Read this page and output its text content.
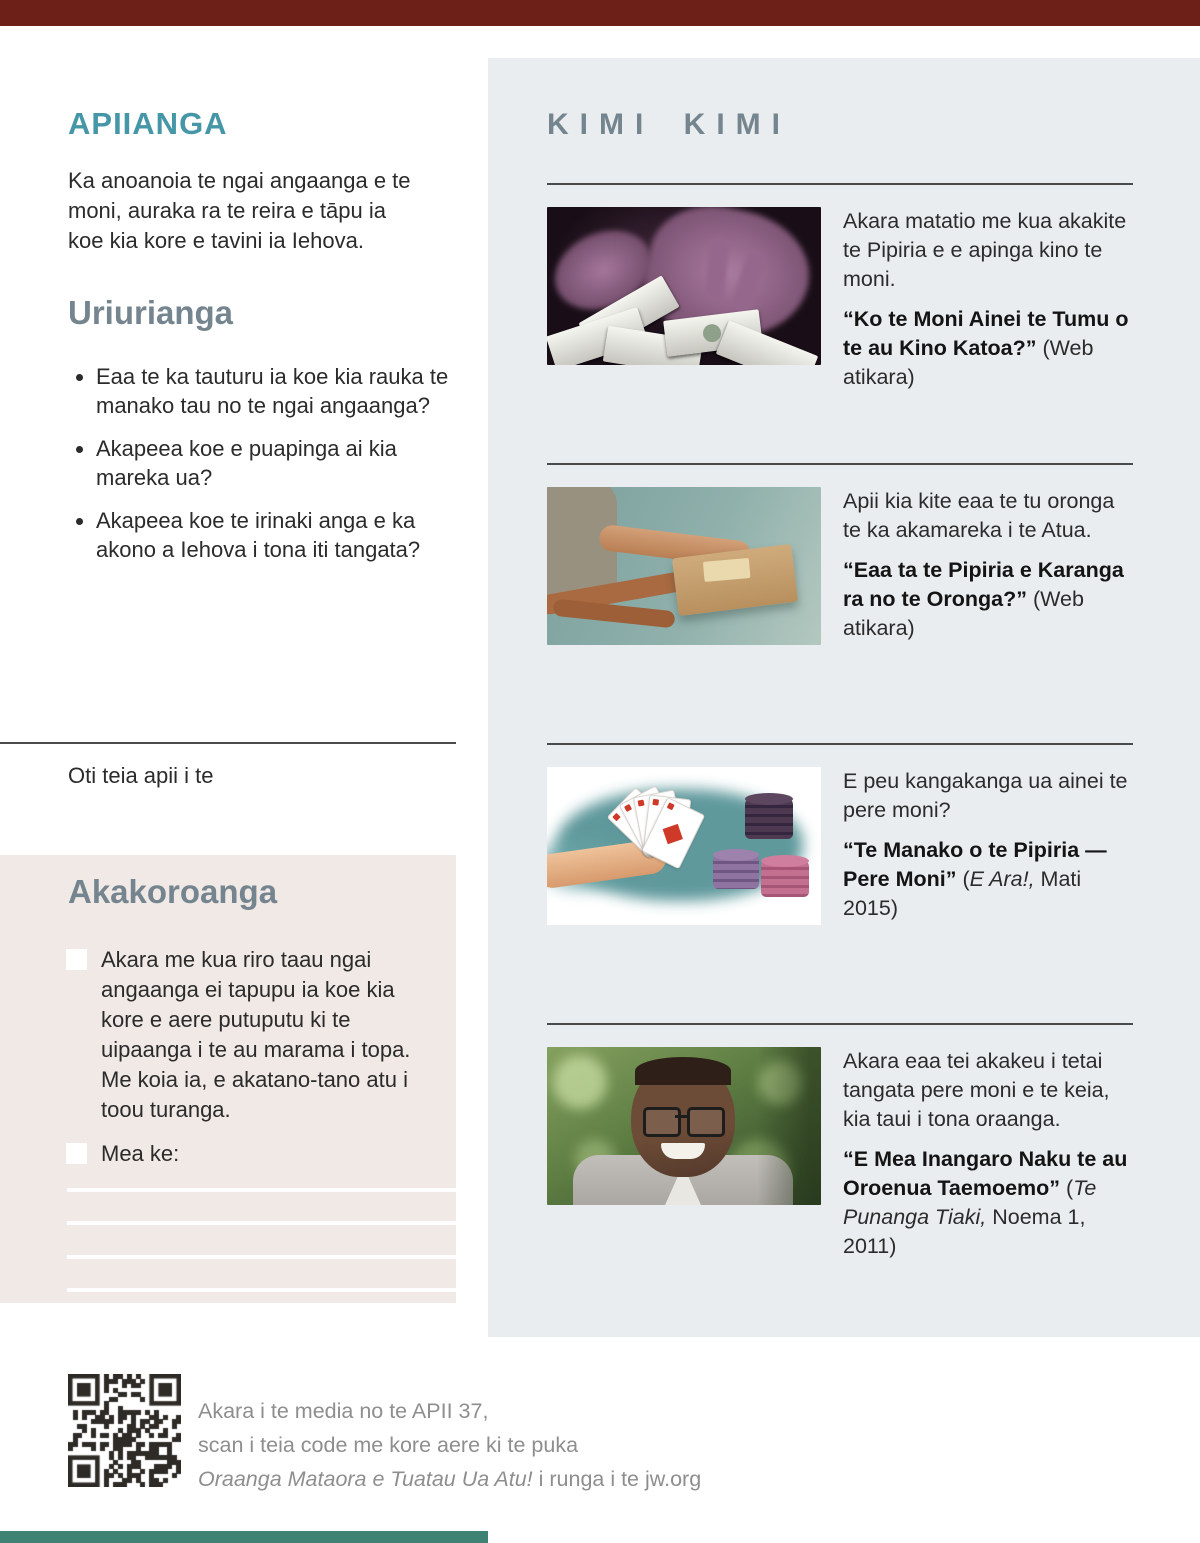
APIIANGA

Ka anoanoia te ngai angaanga e te moni, auraka ra te reira e tāpu ia koe kia kore e tavini ia Iehova.

Uriurianga
• Eaa te ka tauturu ia koe kia rauka te manako tau no te ngai angaanga?
• Akapeea koe e puapinga ai kia mareka ua?
• Akapeea koe te irinaki anga e ka akono a Iehova i tona iti tangata?

Oti teia apii i te

Akakoroanga

Akara me kua riro taau ngai angaanga ei tapupu ia koe kia kore e aere putuputu ki te uipaanga i te au marama i topa. Me koia ia, e akatano-tano atu i toou turanga.

Mea ke:

KIMI KIMI

Akara matatio me kua akakite te Pipiria e e apinga kino te moni.

“Ko te Moni Ainei te Tumu o te au Kino Katoa?” (Web atikara)

Apii kia kite eaa te tu oronga te ka akamareka i te Atua.

“Eaa ta te Pipiria e Karanga ra no te Oronga?” (Web atikara)

E peu kangakanga ua ainei te pere moni?

“Te Manako o te Pipiria —Pere Moni” (E Ara!, Mati 2015)

Akara eaa tei akakeu i tetai tangata pere moni e te keia, kia taui i tona oraanga.

“E Mea Inangaro Naku te au Oroenua Taemoemo” (Te Punanga Tiaki, Noema 1, 2011)

Akara i te media no te APII 37,

scan i teia code me kore aere ki te puka

Oraanga Mataora e Tuatau Ua Atu! i runga i te jw.org
